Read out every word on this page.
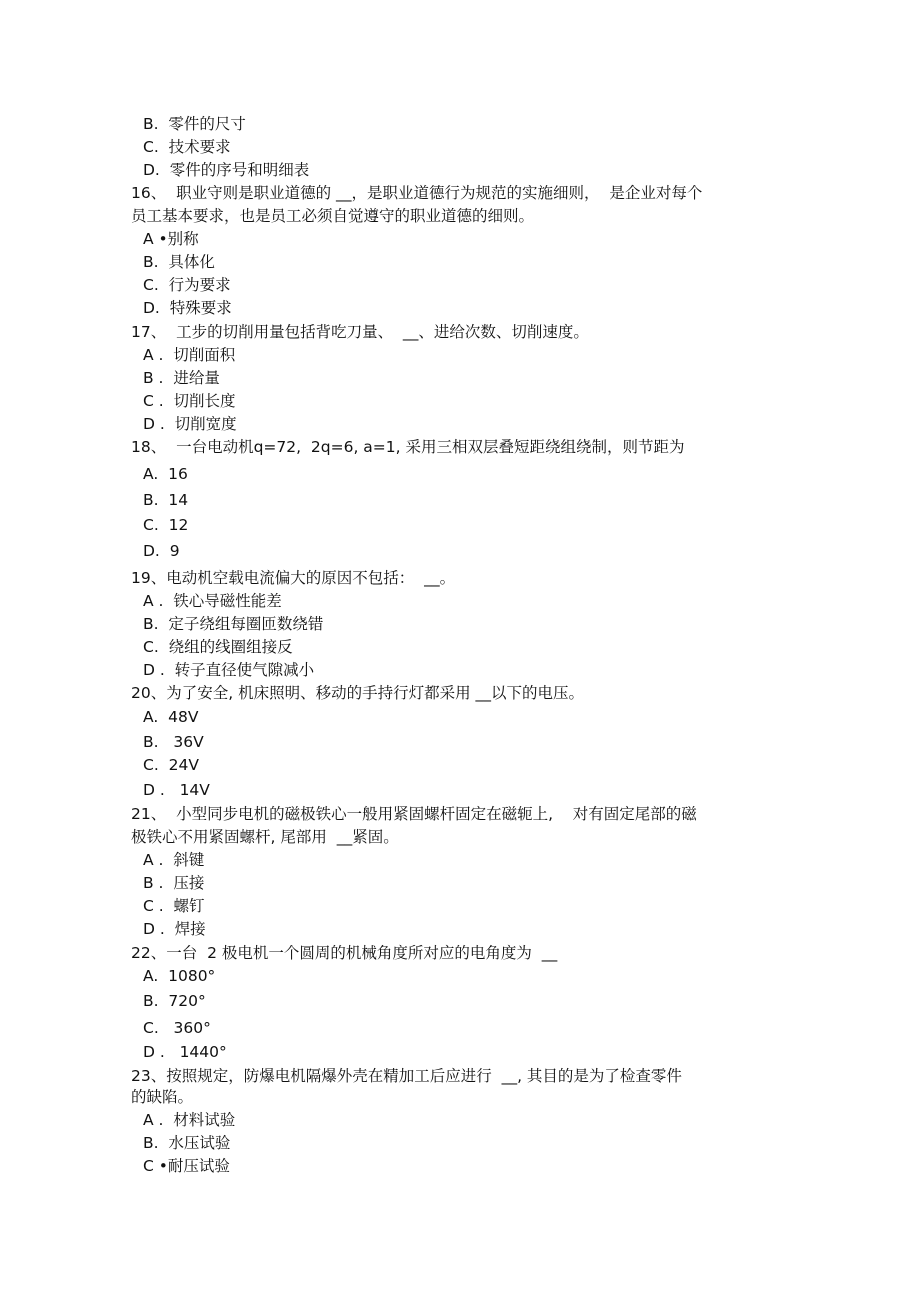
B.  零件的尺寸
C.  技术要求
D.  零件的序号和明细表
16、  职业守则是职业道德的 __，是职业道德行为规范的实施细则，  是企业对每个
员工基本要求，也是员工必须自觉遵守的职业道德的细则。
A •别称
B.  具体化
C.  行为要求
D.  特殊要求
17、  工步的切削用量包括背吃刀量、  __、进给次数、切削速度。
A .  切削面积
B .  进给量
C .  切削长度
D .  切削宽度
18、  一台电动机q=72,  2q=6, a=1, 采用三相双层叠短距绕组绕制，则节距为
A.  16
B.  14
C.  12
D.  9
19、电动机空载电流偏大的原因不包括：  __。
A .  铁心导磁性能差
B.  定子绕组每圈匝数绕错
C.  绕组的线圈组接反
D .  转子直径使气隙减小
20、为了安全, 机床照明、移动的手持行灯都采用 __以下的电压。
A.  48V
B.   36V
C.  24V
D .   14V
21、  小型同步电机的磁极铁心一般用紧固螺杆固定在磁轭上,    对有固定尾部的磁
极铁心不用紧固螺杆, 尾部用  __紧固。
A .  斜键
B .  压接
C .  螺钉
D .  焊接
22、一台  2 极电机一个圆周的机械角度所对应的电角度为  __
A.  1080°
B.  720°
C.   360°
D .   1440°
23、按照规定，防爆电机隔爆外壳在精加工后应进行  __, 其目的是为了检查零件
的缺陷。
A .  材料试验
B.  水压试验
C •耐压试验
